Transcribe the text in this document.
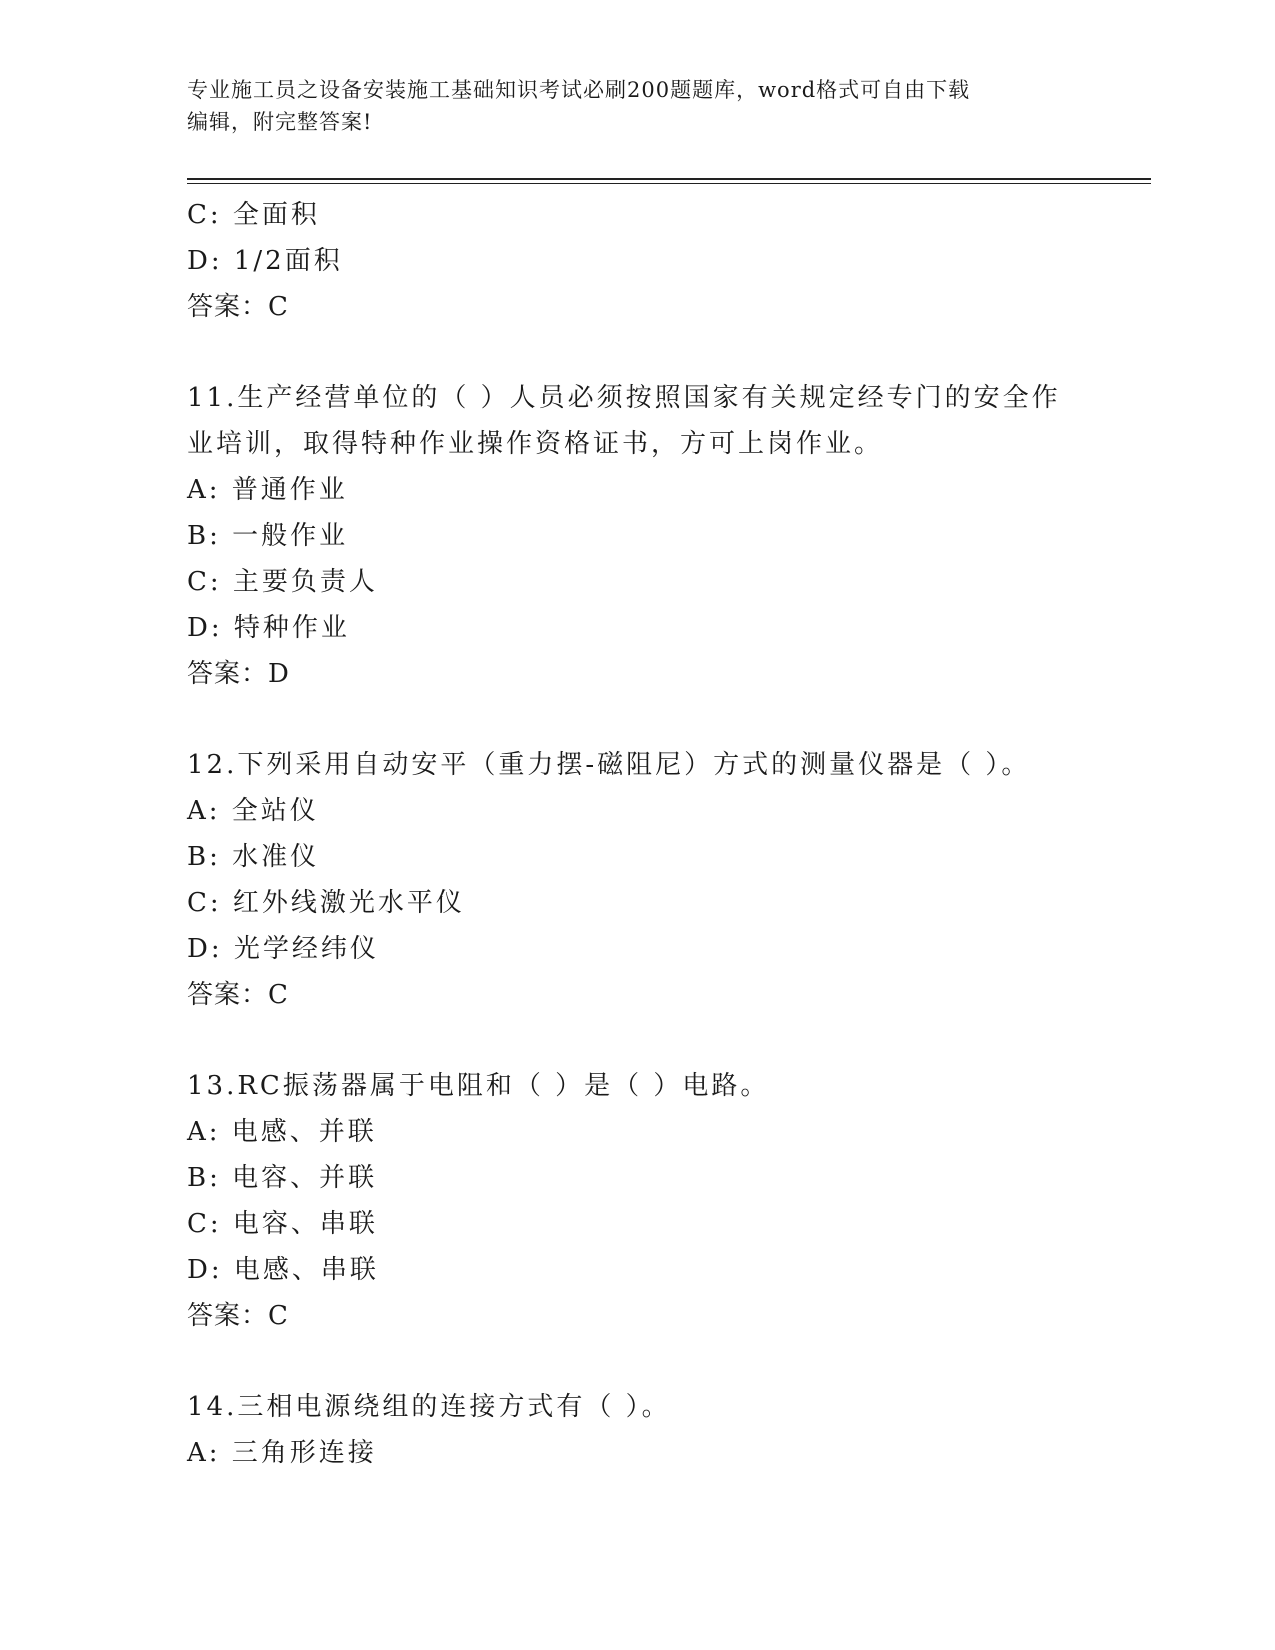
专业施工员之设备安装施工基础知识考试必刷200题题库，word格式可自由下载
编辑，附完整答案!
C: 全面积
D: 1/2面积
答案：C
11.生产经营单位的（ ）人员必须按照国家有关规定经专门的安全作
业培训，取得特种作业操作资格证书，方可上岗作业。
A: 普通作业
B: 一般作业
C: 主要负责人
D: 特种作业
答案：D
12.下列采用自动安平（重力摆-磁阻尼）方式的测量仪器是（ ）。
A: 全站仪
B: 水准仪
C: 红外线激光水平仪
D: 光学经纬仪
答案：C
13.RC振荡器属于电阻和（ ）是（ ）电路。
A: 电感、并联
B: 电容、并联
C: 电容、串联
D: 电感、串联
答案：C
14.三相电源绕组的连接方式有（ ）。
A: 三角形连接
